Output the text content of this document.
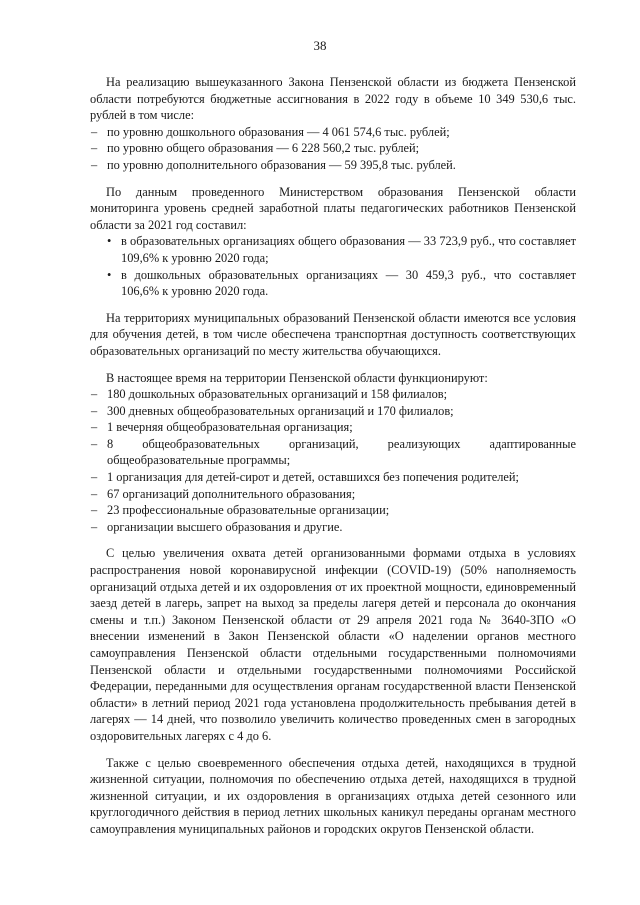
38

На реализацию вышеуказанного Закона Пензенской области из бюджета Пензенской области потребуются бюджетные ассигнования в 2022 году в объеме 10 349 530,6 тыс. рублей в том числе:

– по уровню дошкольного образования — 4 061 574,6 тыс. рублей;
– по уровню общего образования — 6 228 560,2 тыс. рублей;
– по уровню дополнительного образования — 59 395,8 тыс. рублей.

По данным проведенного Министерством образования Пензенской области мониторинга уровень средней заработной платы педагогических работников Пензенской области за 2021 год составил:

• в образовательных организациях общего образования — 33 723,9 руб., что составляет 109,6% к уровню 2020 года;
• в дошкольных образовательных организациях — 30 459,3 руб., что составляет 106,6% к уровню 2020 года.

На территориях муниципальных образований Пензенской области имеются все условия для обучения детей, в том числе обеспечена транспортная доступность соответствующих образовательных организаций по месту жительства обучающихся.

В настоящее время на территории Пензенской области функционируют:

– 180 дошкольных образовательных организаций и 158 филиалов;
– 300 дневных общеобразовательных организаций и 170 филиалов;
– 1 вечерняя общеобразовательная организация;
– 8 общеобразовательных организаций, реализующих адаптированные общеобразовательные программы;
– 1 организация для детей-сирот и детей, оставшихся без попечения родителей;
– 67 организаций дополнительного образования;
– 23 профессиональные образовательные организации;
– организации высшего образования и другие.

С целью увеличения охвата детей организованными формами отдыха в условиях распространения новой коронавирусной инфекции (COVID-19) (50% наполняемость организаций отдыха детей и их оздоровления от их проектной мощности, единовременный заезд детей в лагерь, запрет на выход за пределы лагеря детей и персонала до окончания смены и т.п.) Законом Пензенской области от 29 апреля 2021 года № 3640-ЗПО «О внесении изменений в Закон Пензенской области «О наделении органов местного самоуправления Пензенской области отдельными государственными полномочиями Пензенской области и отдельными государственными полномочиями Российской Федерации, переданными для осуществления органам государственной власти Пензенской области» в летний период 2021 года установлена продолжительность пребывания детей в лагерях — 14 дней, что позволило увеличить количество проведенных смен в загородных оздоровительных лагерях с 4 до 6.

Также с целью своевременного обеспечения отдыха детей, находящихся в трудной жизненной ситуации, полномочия по обеспечению отдыха детей, находящихся в трудной жизненной ситуации, и их оздоровления в организациях отдыха детей сезонного или круглогодичного действия в период летних школьных каникул переданы органам местного самоуправления муниципальных районов и городских округов Пензенской области.
